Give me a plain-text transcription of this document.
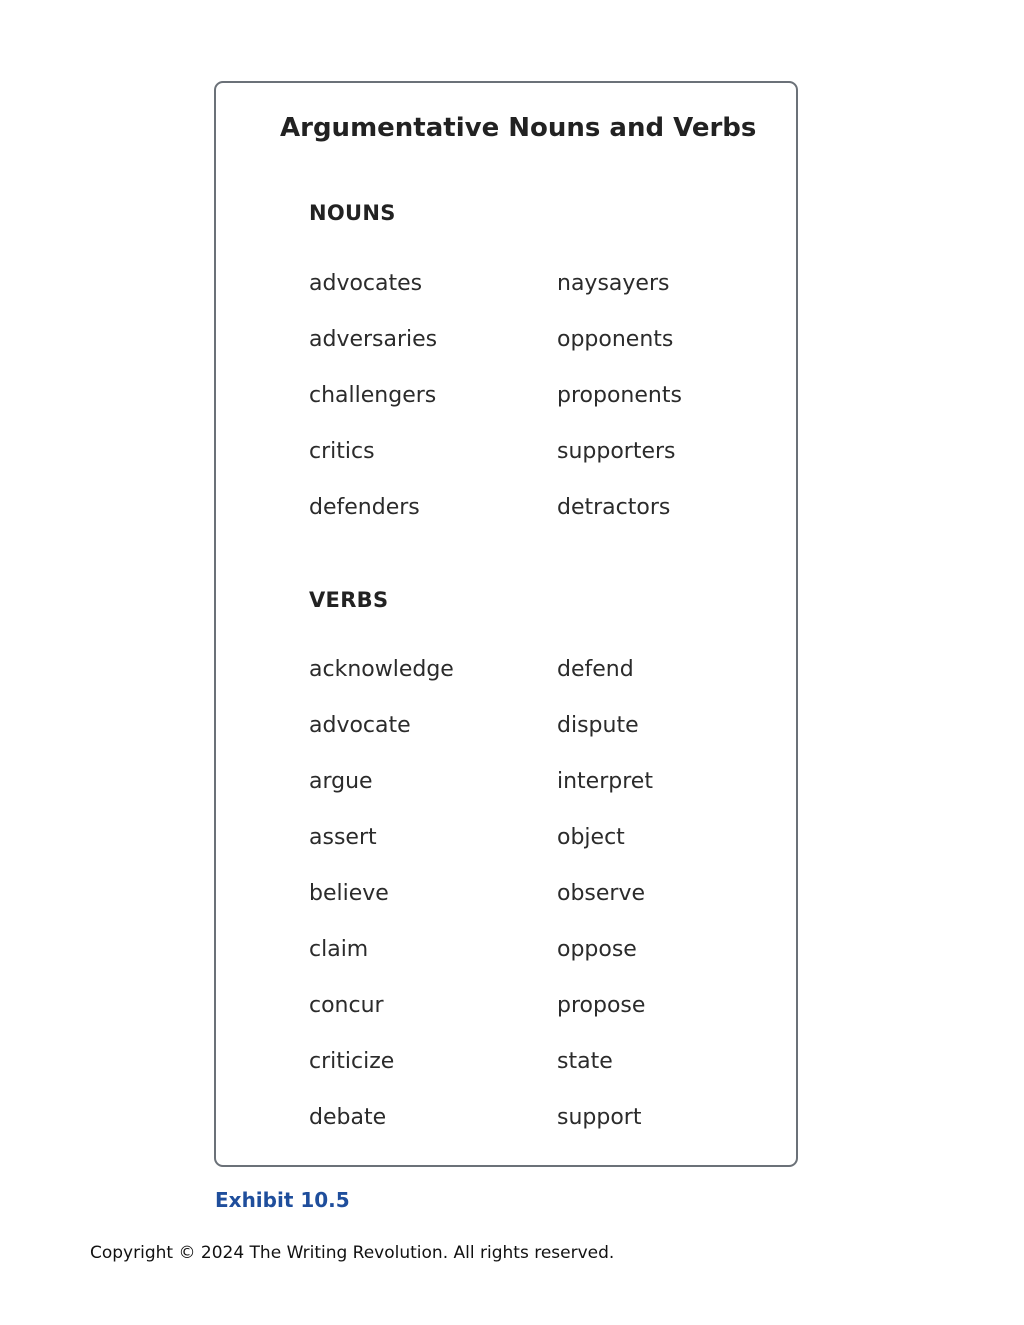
Argumentative Nouns and Verbs
NOUNS
advocates
adversaries
challengers
critics
defenders
naysayers
opponents
proponents
supporters
detractors
VERBS
acknowledge
advocate
argue
assert
believe
claim
concur
criticize
debate
defend
dispute
interpret
object
observe
oppose
propose
state
support
Exhibit 10.5
Copyright © 2024 The Writing Revolution. All rights reserved.
